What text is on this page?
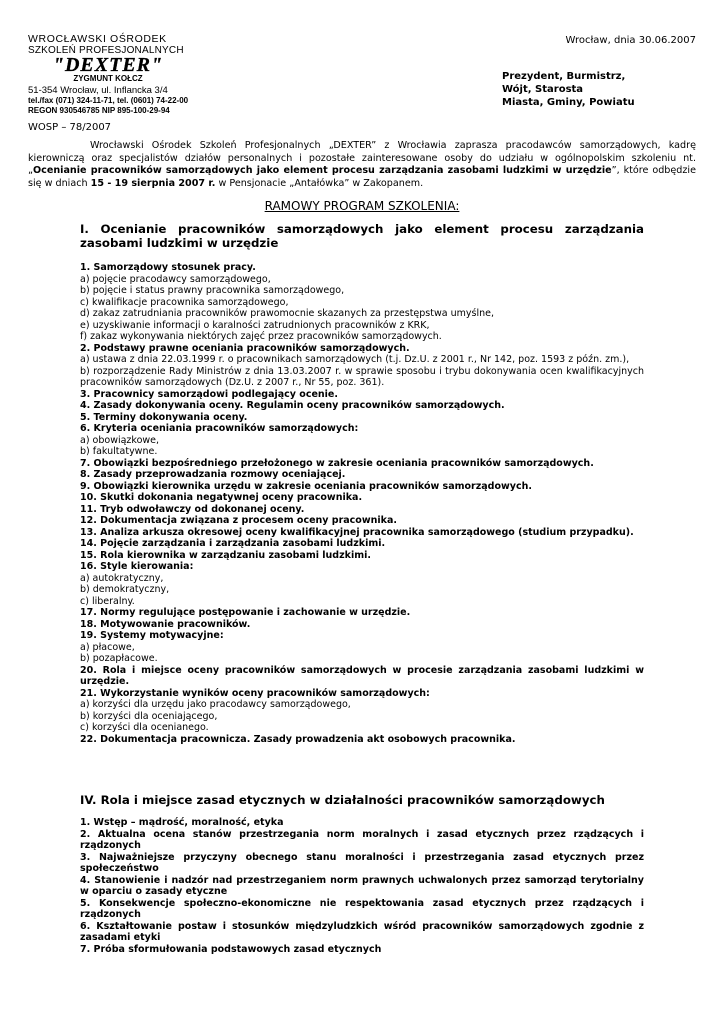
WROCŁAWSKI OŚRODEK
SZKOLEŃ PROFESJONALNYCH
"DEXTER"
ZYGMUNT KOŁCZ
51-354 Wrocław, ul. Inflancka 3/4
tel./fax (071) 324-11-71, tel. (0601) 74-22-00
REGON 930546785 NIP 895-100-29-94
Wrocław, dnia 30.06.2007
Prezydent, Burmistrz,
Wójt, Starosta
Miasta, Gminy, Powiatu
WOSP – 78/2007
Wrocławski Ośrodek Szkoleń Profesjonalnych „DEXTER” z Wrocławia zaprasza pracodawców samorządowych, kadrę kierowniczą oraz specjalistów działów personalnych i pozostałe zainteresowane osoby do udziału w ogólnopolskim szkoleniu nt. „Ocenianie pracowników samorządowych jako element procesu zarządzania zasobami ludzkimi w urzędzie”, które odbędzie się w dniach 15 - 19 sierpnia 2007 r. w Pensjonacie „Antałówka” w Zakopanem.
RAMOWY PROGRAM SZKOLENIA:
I. Ocenianie pracowników samorządowych jako element procesu zarządzania zasobami ludzkimi w urzędzie
1. Samorządowy stosunek pracy.
a) pojęcie pracodawcy samorządowego,
b) pojęcie i status prawny pracownika samorządowego,
c) kwalifikacje pracownika samorządowego,
d) zakaz zatrudniania pracowników prawomocnie skazanych za przestępstwa umyślne,
e) uzyskiwanie informacji o karalności zatrudnionych pracowników z KRK,
f) zakaz wykonywania niektórych zajęć przez pracowników samorządowych.
2. Podstawy prawne oceniania pracowników samorządowych.
a) ustawa z dnia 22.03.1999 r. o pracownikach samorządowych (t.j. Dz.U. z 2001 r., Nr 142, poz. 1593 z późn. zm.),
b) rozporządzenie Rady Ministrów z dnia 13.03.2007 r. w sprawie sposobu i trybu dokonywania ocen kwalifikacyjnych pracowników samorządowych (Dz.U. z 2007 r., Nr 55, poz. 361).
3. Pracownicy samorządowi podlegający ocenie.
4. Zasady dokonywania oceny. Regulamin oceny pracowników samorządowych.
5. Terminy dokonywania oceny.
6. Kryteria oceniania pracowników samorządowych:
a) obowiązkowe,
b) fakultatywne.
7. Obowiązki bezpośredniego przełożonego w zakresie oceniania pracowników samorządowych.
8. Zasady przeprowadzania rozmowy oceniającej.
9. Obowiązki kierownika urzędu w zakresie oceniania pracowników samorządowych.
10. Skutki dokonania negatywnej oceny pracownika.
11. Tryb odwoławczy od dokonanej oceny.
12. Dokumentacja związana z procesem oceny pracownika.
13. Analiza arkusza okresowej oceny kwalifikacyjnej pracownika samorządowego (studium przypadku).
14. Pojęcie zarządzania i zarządzania zasobami ludzkimi.
15. Rola kierownika w zarządzaniu zasobami ludzkimi.
16. Style kierowania:
a) autokratyczny,
b) demokratyczny,
c) liberalny.
17. Normy regulujące postępowanie i zachowanie w urzędzie.
18. Motywowanie pracowników.
19. Systemy motywacyjne:
a) płacowe,
b) pozapłacowe.
20. Rola i miejsce oceny pracowników samorządowych w procesie zarządzania zasobami ludzkimi w urzędzie.
21. Wykorzystanie wyników oceny pracowników samorządowych:
a) korzyści dla urzędu jako pracodawcy samorządowego,
b) korzyści dla oceniającego,
c) korzyści dla ocenianego.
22. Dokumentacja pracownicza. Zasady prowadzenia akt osobowych pracownika.
IV. Rola i miejsce zasad etycznych w działalności pracowników samorządowych
1. Wstęp – mądrość, moralność, etyka
2. Aktualna ocena stanów przestrzegania norm moralnych i zasad etycznych przez rządzących i rządzonych
3. Najważniejsze przyczyny obecnego stanu moralności i przestrzegania zasad etycznych przez społeczeństwo
4. Stanowienie i nadzór nad przestrzeganiem norm prawnych uchwalonych przez samorząd terytorialny w oparciu o zasady etyczne
5. Konsekwencje społeczno-ekonomiczne nie respektowania zasad etycznych przez rządzących i rządzonych
6. Kształtowanie postaw i stosunków międzyludzkich wśród pracowników samorządowych zgodnie z zasadami etyki
7. Próba sformułowania podstawowych zasad etycznych
